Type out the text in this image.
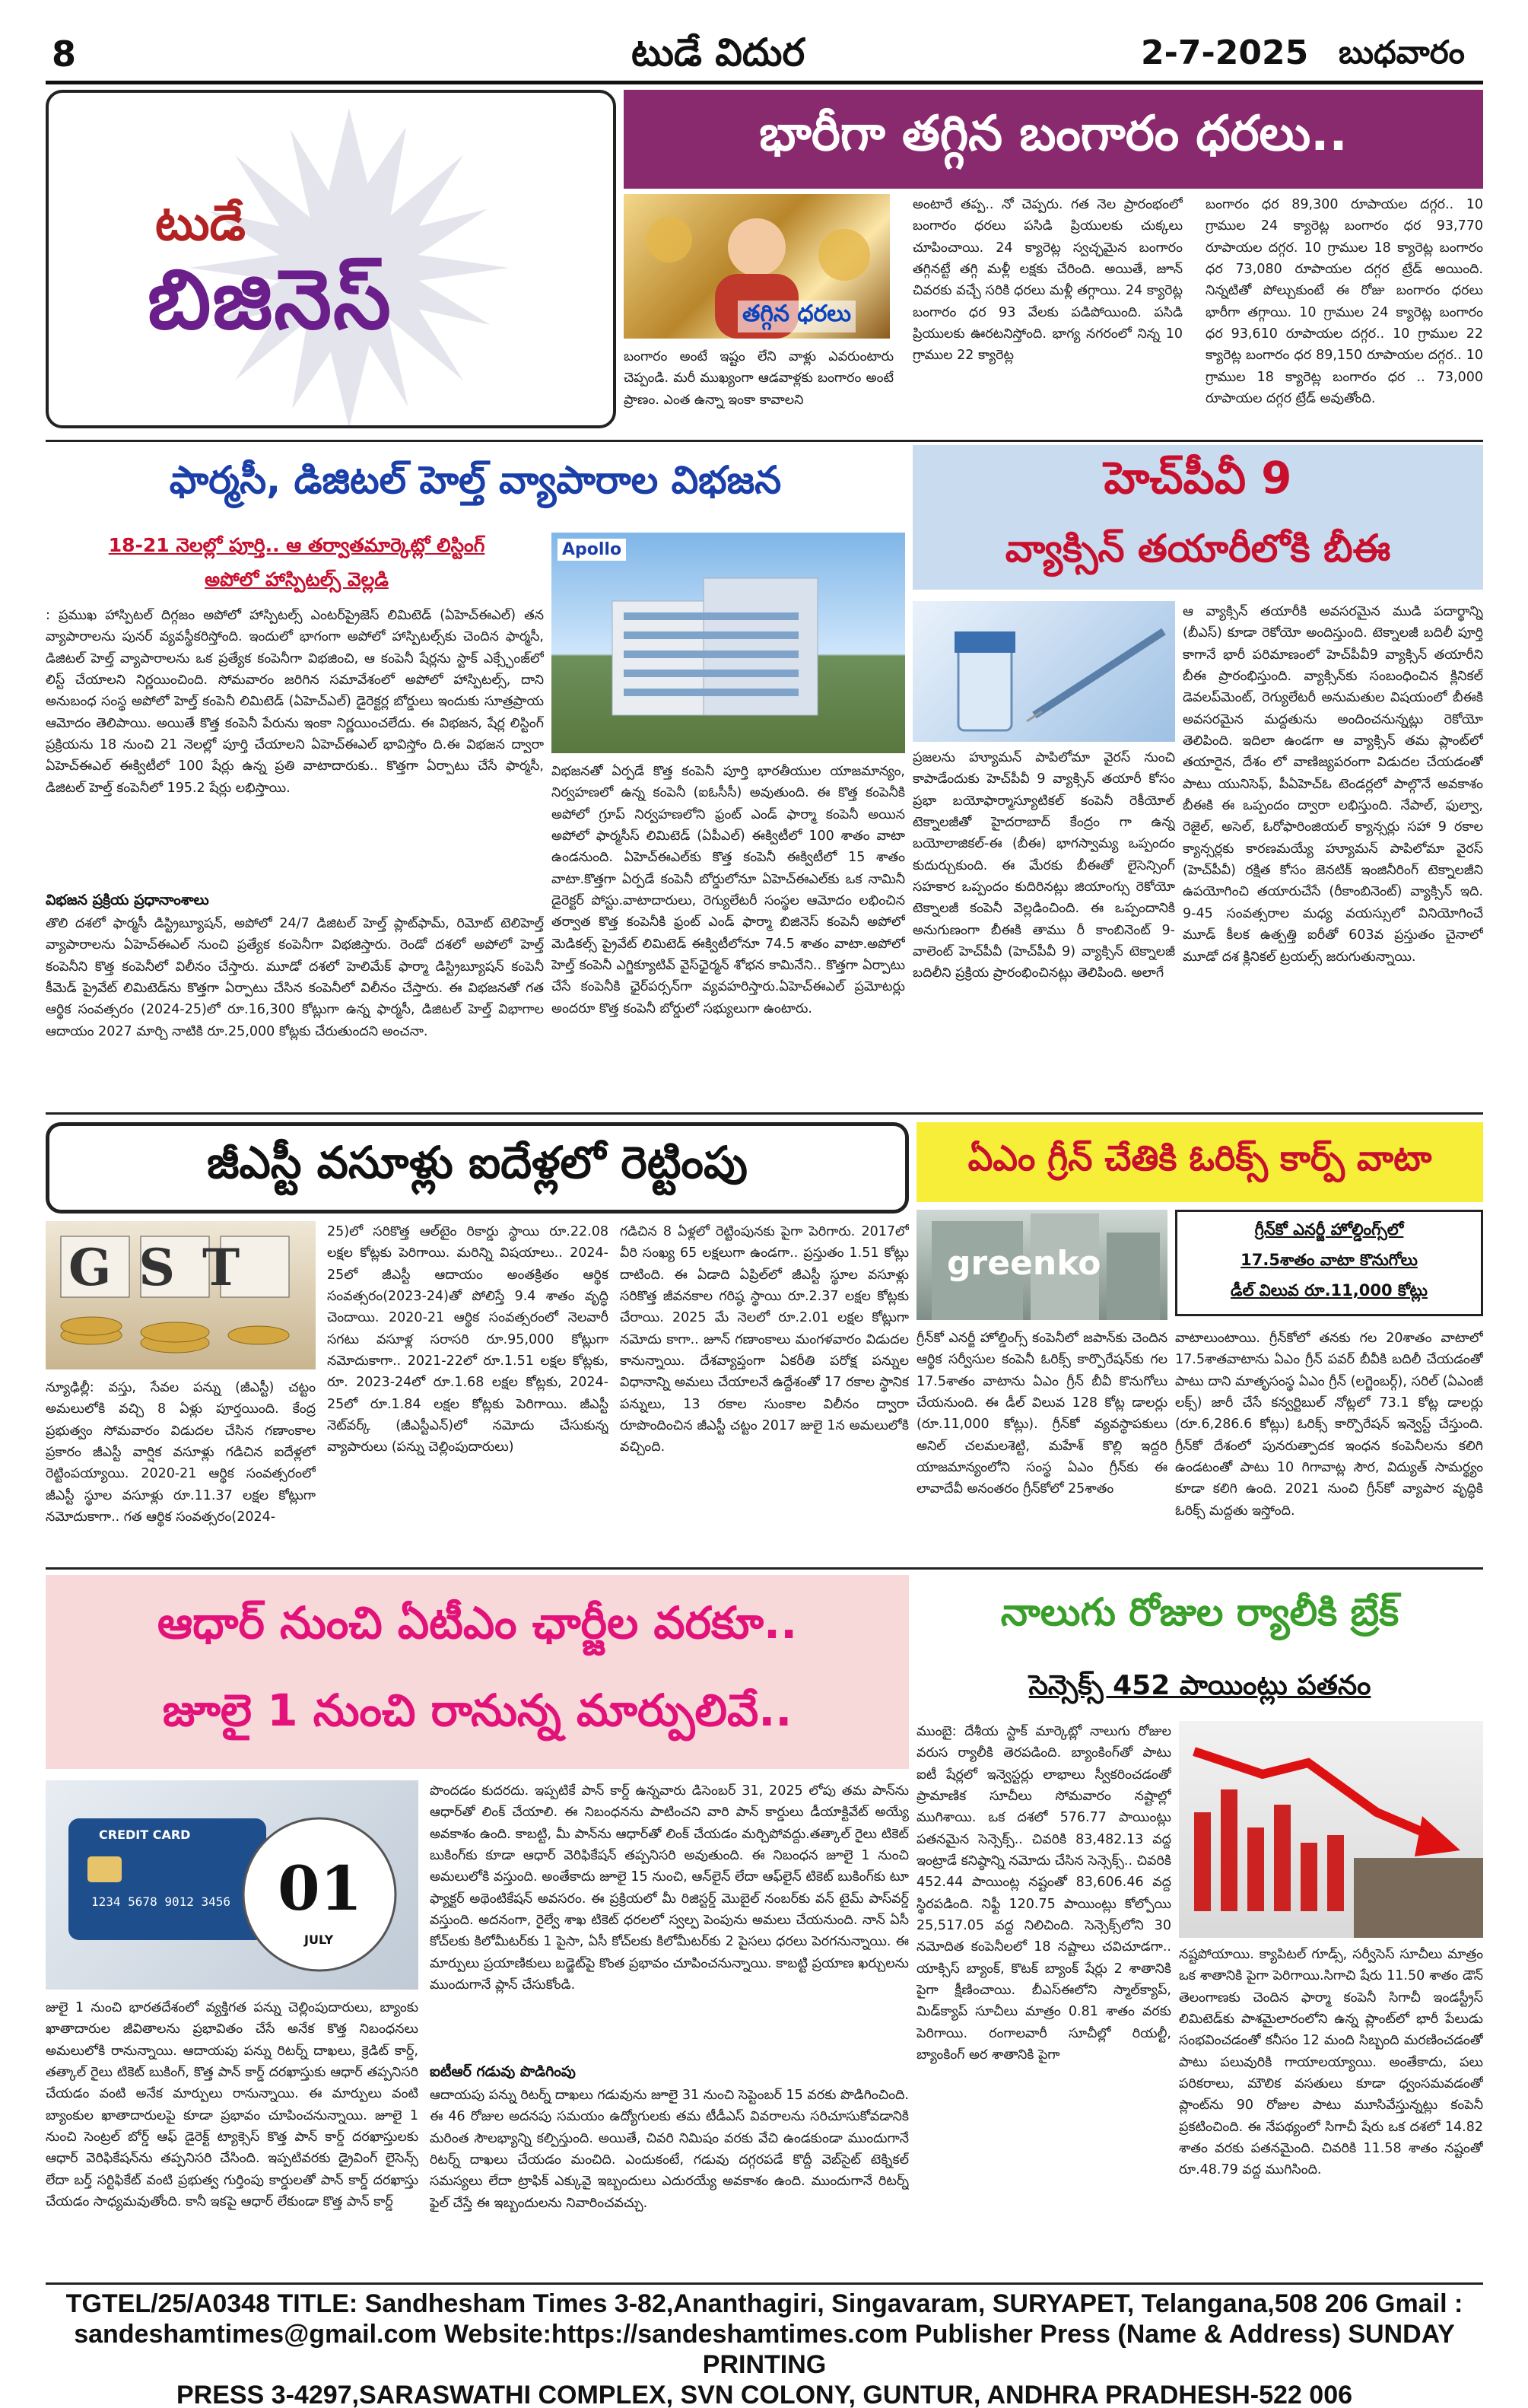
8	టుడే విదుర	2-7-2025 బుధవారం
టుడే
బిజినెస్
భారీగా తగ్గిన బంగారం ధరలు..
తగ్గిన ధరలు
బంగారం అంటే ఇష్టం లేని వాళ్లు ఎవరుంటారు చెప్పండి. మరీ ముఖ్యంగా ఆడవాళ్లకు బంగారం అంటే ప్రాణం. ఎంత ఉన్నా ఇంకా కావాలని
అంటారే తప్ప.. నో చెప్పరు. గత నెల ప్రారంభంలో బంగారం ధరలు పసిడి ప్రియులకు చుక్కలు చూపించాయి. 24 క్యారెట్ల స్వచ్ఛమైన బంగారం తగ్గినట్టే తగ్గి మళ్లీ లక్షకు చేరింది. అయితే, జూన్ చివరకు వచ్చే సరికి ధరలు మళ్లీ తగ్గాయి. 24 క్యారెట్ల బంగారం ధర 93 వేలకు పడిపోయింది. పసిడి ప్రియులకు ఊరటనిస్తోంది. భాగ్య నగరంలో నిన్న 10 గ్రాముల 22 క్యారెట్ల
బంగారం ధర 89,300 రూపాయల దగ్గర.. 10 గ్రాముల 24 క్యారెట్ల బంగారం ధర 93,770 రూపాయల దగ్గర. 10 గ్రాముల 18 క్యారెట్ల బంగారం ధర 73,080 రూపాయల దగ్గర ట్రేడ్ అయింది. నిన్నటితో పోల్చుకుంటే ఈ రోజు బంగారం ధరలు భారీగా తగ్గాయి. 10 గ్రాముల 24 క్యారెట్ల బంగారం ధర 93,610 రూపాయల దగ్గర.. 10 గ్రాముల 22 క్యారెట్ల బంగారం ధర 89,150 రూపాయల దగ్గర.. 10 గ్రాముల 18 క్యారెట్ల బంగారం ధర .. 73,000 రూపాయల దగ్గర ట్రేడ్ అవుతోంది.
ఫార్మసీ, డిజిటల్ హెల్త్ వ్యాపారాల విభజన
18-21 నెలల్లో పూర్తి.. ఆ తర్వాతమార్కెట్లో లిస్టింగ్
అపోలో హాస్పిటల్స్ వెల్లడి
Apollo
: ప్రముఖ హాస్పిటల్ దిగ్గజం అపోలో హాస్పిటల్స్ ఎంటర్‌ప్రైజెస్ లిమిటెడ్ (ఏహెచ్ఈఎల్) తన వ్యాపారాలను పునర్ వ్యవస్థీకరిస్తోంది. ఇందులో భాగంగా అపోలో హాస్పిటల్స్‌కు చెందిన ఫార్మసీ, డిజిటల్ హెల్త్ వ్యాపారాలను ఒక ప్రత్యేక కంపెనీగా విభజించి, ఆ కంపెనీ షేర్లను స్టాక్ ఎక్స్ఛేంజ్‌లో లిస్ట్ చేయాలని నిర్ణయించింది. సోమవారం జరిగిన సమావేశంలో అపోలో హాస్పిటల్స్, దాని అనుబంధ సంస్థ అపోలో హెల్త్ కంపెనీ లిమిటెడ్ (ఏహెచ్ఎల్) డైరెక్టర్ల బోర్డులు ఇందుకు సూత్రప్రాయ ఆమోదం తెలిపాయి. అయితే కొత్త కంపెనీ పేరును ఇంకా నిర్ణయించలేదు. ఈ విభజన, షేర్ల లిస్టింగ్ ప్రక్రియను 18 నుంచి 21 నెలల్లో పూర్తి చేయాలని ఏహెచ్ఈఎల్ భావిస్తోం ది.ఈ విభజన ద్వారా ఏహెచ్ఈఎల్ ఈక్విటీలో 100 షేర్లు ఉన్న ప్రతి వాటాదారుకు.. కొత్తగా ఏర్పాటు చేసే ఫార్మసీ, డిజిటల్ హెల్త్ కంపెనీలో 195.2 షేర్లు లభిస్తాయి.
విభజన ప్రక్రియ ప్రధానాంశాలు
తొలి దశలో ఫార్మసీ డిస్ట్రిబ్యూషన్, అపోలో 24/7 డిజిటల్ హెల్త్ ప్లాట్‌ఫామ్, రిమోట్ టెలిహెల్త్ వ్యాపారాలను ఏహెచ్ఈఎల్ నుంచి ప్రత్యేక కంపెనీగా విభజిస్తారు. రెండో దశలో అపోలో హెల్త్ కంపెనీని కొత్త కంపెనీలో విలీనం చేస్తారు. మూడో దశలో హెలిమేక్ ఫార్మా డిస్ట్రిబ్యూషన్ కంపెనీ కీమెడ్ ప్రైవేట్ లిమిటెడ్‌ను కొత్తగా ఏర్పాటు చేసిన కంపెనీలో విలీనం చేస్తారు. ఈ విభజనతో గత ఆర్థిక సంవత్సరం (2024-25)లో రూ.16,300 కోట్లుగా ఉన్న ఫార్మసీ, డిజిటల్ హెల్త్ విభాగాల ఆదాయం 2027 మార్చి నాటికి రూ.25,000 కోట్లకు చేరుతుందని అంచనా.
విభజనతో ఏర్పడే కొత్త కంపెనీ పూర్తి భారతీయుల యాజమాన్యం, నిర్వహణలో ఉన్న కంపెనీ (ఐఓసీసీ) అవుతుంది. ఈ కొత్త కంపెనీకి అపోలో గ్రూప్ నిర్వహణలోని ఫ్రంట్ ఎండ్ ఫార్మా కంపెనీ అయిన అపోలో ఫార్మసీస్ లిమిటెడ్ (ఏపీఎల్) ఈక్విటీలో 100 శాతం వాటా ఉండనుంది. ఏహెచ్ఈఎల్‌కు కొత్త కంపెనీ ఈక్విటీలో 15 శాతం వాటా.కొత్తగా ఏర్పడే కంపెనీ బోర్డులోనూ ఏహెచ్ఈఎల్‌కు ఒక నామినీ డైరెక్టర్ పోస్టు.వాటాదారులు, రెగ్యులేటరీ సంస్థల ఆమోదం లభించిన తర్వాత కొత్త కంపెనీకి ఫ్రంట్ ఎండ్ ఫార్మా బిజినెస్ కంపెనీ అపోలో మెడికల్స్ ప్రైవేట్ లిమిటెడ్ ఈక్విటీలోనూ 74.5 శాతం వాటా.అపోలో హెల్త్ కంపెనీ ఎగ్జిక్యూటివ్ వైస్‌ఛైర్మన్ శోభన కామినేని.. కొత్తగా ఏర్పాటు చేసే కంపెనీకి ఛైర్‌పర్సన్‌గా వ్యవహరిస్తారు.ఏహెచ్ఈఎల్ ప్రమోటర్లు అందరూ కొత్త కంపెనీ బోర్డులో సభ్యులుగా ఉంటారు.
హెచ్‌పీవీ 9
వ్యాక్సిన్ తయారీలోకి బీఈ
ప్రజలను హ్యూమన్ పాపిలోమా వైరస్ నుంచి కాపాడేందుకు హెచ్‌పీవీ 9 వ్యాక్సిన్ తయారీ కోసం ప్రభా బయోఫార్మాస్యూటికల్ కంపెనీ రెకీయోల్‌ టెక్నాలజీతో హైదరాబాద్ కేంద్రం గా ఉన్న బయోలాజికల్-ఈ (బీఈ) భాగస్వామ్య ఒప్పందం కుదుర్చుకుంది. ఈ మేరకు బీఈతో లైసెన్సింగ్ సహకార ఒప్పందం కుదిరినట్లు జియాంగ్సు రెకోయో టెక్నాలజీ కంపెనీ వెల్లడించింది. ఈ ఒప్పందానికి అనుగుణంగా బీఈకి తాము రీ కాంబినెంట్ 9-వాలెంట్ హెచ్‌పీవీ (హెచ్‌పీవీ 9) వ్యాక్సిన్ టెక్నాలజీ బదిలీని ప్రక్రియ ప్రారంభించినట్లు తెలిపింది. అలాగే
ఆ వ్యాక్సిన్ తయారీకి అవసరమైన ముడి పదార్థాన్ని (బీఎస్) కూడా రెకోయో అందిస్తుంది. టెక్నాలజీ బదిలీ పూర్తి కాగానే భారీ పరిమాణంలో హెచ్‌పీవీ9 వ్యాక్సిన్ తయారీని బీఈ ప్రారంభిస్తుంది. వ్యాక్సిన్‌కు సంబంధించిన క్లినికల్ డెవలప్‌మెంట్, రెగ్యులేటరీ అనుమతుల విషయంలో బీఈకి అవసరమైన మద్దతును అందించనున్నట్లు రెకోయో తెలిపింది. ఇదిలా ఉండగా ఆ వ్యాక్సిన్ తమ ప్లాంట్‌లో తయారైన, దేశం లో వాణిజ్యపరంగా విడుదల చేయడంతో పాటు యునిసెఫ్, పీఏహెచ్ఓ టెండర్లలో పాల్గొనే అవకాశం బీఈకి ఈ ఒప్పందం ద్వారా లభిస్తుంది. నేపాల్, ఫుల్వా, రెజైల్, అసెల్, ఓరోఫారింజియల్ క్యాన్సర్లు సహా 9 రకాల క్యాన్సర్లకు కారణమయ్యే హ్యూమన్ పాపిలోమా వైరస్ (హెచ్‌పీవీ) రక్షిత కోసం జెనటిక్ ఇంజినీరింగ్ టెక్నాలజీని ఉపయోగించి తయారుచేసే (రీకాంబినెంట్) వ్యాక్సిన్ ఇది. 9-45 సంవత్సరాల మధ్య వయస్సులో వినియోగించే మూడ్ కీలక ఉత్పత్తి ఐరీతో 603వ ప్రస్తుతం చైనాలో మూడో దశ క్లినికల్ ట్రయల్స్ జరుగుతున్నాయి.
జీఎస్టీ వసూళ్లు ఐదేళ్లలో రెట్టింపు
GST
న్యూఢిల్లీ: వస్తు, సేవల పన్ను (జీఎస్టీ) చట్టం అమలులోకి వచ్చి 8 ఏళ్లు పూర్తయింది. కేంద్ర ప్రభుత్వం సోమవారం విడుదల చేసిన గణాంకాల ప్రకారం జీఎస్టీ వార్షిక వసూళ్లు గడిచిన ఐదేళ్లలో రెట్టింపయ్యాయి. 2020-21 ఆర్థిక సంవత్సరంలో జీఎస్టీ స్థూల వసూళ్లు రూ.11.37 లక్షల కోట్లుగా నమోదుకాగా.. గత ఆర్థిక సంవత్సరం(2024-
25)లో సరికొత్త ఆల్‌టైం రికార్డు స్థాయి రూ.22.08 లక్షల కోట్లకు పెరిగాయి. మరిన్ని విషయాలు.. 2024-25లో జీఎస్టీ ఆదాయం అంతక్రితం ఆర్థిక సంవత్సరం(2023-24)తో పోలిస్తే 9.4 శాతం వృద్ధి చెందాయి. 2020-21 ఆర్థిక సంవత్సరంలో నెలవారీ సగటు వసూళ్ల సరాసరి రూ.95,000 కోట్లుగా నమోదుకాగా.. 2021-22లో రూ.1.51 లక్షల కోట్లకు, రూ. 2023-24లో రూ.1.68 లక్షల కోట్లకు, 2024-25లో రూ.1.84 లక్షల కోట్లకు పెరిగాయి. జీఎస్టీ నెట్‌వర్క్ (జీఎస్టీఎన్)లో నమోదు చేసుకున్న వ్యాపారులు (పన్ను చెల్లింపుదారులు)
గడిచిన 8 ఏళ్లలో రెట్టింపునకు పైగా పెరిగారు. 2017లో వీరి సంఖ్య 65 లక్షలుగా ఉండగా.. ప్రస్తుతం 1.51 కోట్లు దాటింది. ఈ ఏడాది ఏప్రిల్‌లో జీఎస్టీ స్థూల వసూళ్లు సరికొత్త జీవనకాల గరిష్ఠ స్థాయి రూ.2.37 లక్షల కోట్లకు చేరాయి. 2025 మే నెలలో రూ.2.01 లక్షల కోట్లుగా నమోదు కాగా.. జూన్ గణాంకాలు మంగళవారం విడుదల కానున్నాయి. దేశవ్యాప్తంగా ఏకరీతి పరోక్ష పన్నుల విధానాన్ని అమలు చేయాలనే ఉద్దేశంతో 17 రకాల స్థానిక పన్నులు, 13 రకాల సుంకాల విలీనం ద్వారా రూపొందించిన జీఎస్టీ చట్టం 2017 జులై 1న అమలులోకి వచ్చింది.
ఏఎం గ్రీన్ చేతికి ఓరిక్స్ కార్ప్ వాటా
greenko
గ్రీన్‌కో ఎనర్జీ హోల్డింగ్స్‌లో
17.5శాతం వాటా కొనుగోలు
డీల్ విలువ రూ.11,000 కోట్లు
గ్రీన్‌కో ఎనర్జీ హోల్డింగ్స్ కంపెనీలో జపాన్‌కు చెందిన ఆర్థిక సర్వీసుల కంపెనీ ఓరిక్స్ కార్పొరేషన్‌కు గల 17.5శాతం వాటాను ఏఎం గ్రీన్ బీవీ కొనుగోలు చేయనుంది. ఈ డీల్ విలువ 128 కోట్ల డాలర్లు (రూ.11,000 కోట్లు). గ్రీన్‌కో వ్యవస్థాపకులు అనిల్ చలమలశెట్టి, మహేశ్ కొల్లి ఇద్దరి యాజమాన్యంలోని సంస్థ ఏఎం గ్రీన్‌కు ఈ లావాదేవీ అనంతరం గ్రీన్‌కోలో 25శాతం
వాటాలుంటాయి. గ్రీన్‌కోలో తనకు గల 20శాతం వాటాలో 17.5శాతవాటాను ఏఎం గ్రీన్ పవర్ బీవీకి బదిలీ చేయడంతో పాటు దాని మాతృసంస్థ ఏఎం గ్రీన్ (లగ్జెంబర్గ్), సరిల్ (ఏఎంజీ లక్స్) జారీ చేసే కన్వర్టిబుల్ నోట్లలో 73.1 కోట్ల డాలర్లు (రూ.6,286.6 కోట్లు) ఓరిక్స్ కార్పొరేషన్ ఇన్వెస్ట్ చేస్తుంది. గ్రీన్‌కో దేశంలో పునరుత్పాదక ఇంధన కంపెనీలను కలిగి ఉండటంతో పాటు 10 గిగావాట్ల సౌర, విద్యుత్ సామర్థ్యం కూడా కలిగి ఉంది. 2021 నుంచి గ్రీన్‌కో వ్యాపార వృద్ధికి ఓరిక్స్ మద్దతు ఇస్తోంది.
ఆధార్ నుంచి ఏటీఎం ఛార్జీల వరకూ..
జూలై 1 నుంచి రానున్న మార్పులివే..
CREDIT CARD
1234 5678 9012 3456 01
JULY
పొందడం కుదరదు. ఇప్పటికే పాన్ కార్డ్ ఉన్నవారు డిసెంబర్ 31, 2025 లోపు తమ పాన్‌ను ఆధార్‌తో లింక్ చేయాలి. ఈ నిబంధనను పాటించని వారి పాన్ కార్డులు డీయాక్టివేట్ అయ్యే అవకాశం ఉంది. కాబట్టి, మీ పాన్‌ను ఆధార్‌తో లింక్ చేయడం మర్చిపోవద్దు.తత్కాల్ రైలు టికెట్ బుకింగ్‌కు కూడా ఆధార్ వెరిఫికేషన్ తప్పనిసరి అవుతుంది. ఈ నిబంధన జూలై 1 నుంచి అమలులోకి వస్తుంది. అంతేకాదు జూలై 15 నుంచి, ఆన్‌లైన్ లేదా ఆఫ్‌లైన్ టికెట్ బుకింగ్‌కు టూ ఫ్యాక్టర్ అథెంటికేషన్ అవసరం. ఈ ప్రక్రియలో మీ రిజిస్టర్డ్ మొబైల్ నంబర్‌కు వన్ టైమ్ పాస్‌వర్డ్ వస్తుంది. అదనంగా, రైల్వే శాఖ టికెట్ ధరలలో స్వల్ప పెంపును అమలు చేయనుంది. నాన్ ఏసీ కోచ్‌లకు కిలోమీటర్‌కు 1 పైసా, ఏసీ కోచ్‌లకు కిలోమీటర్‌కు 2 పైసలు ధరలు పెరగనున్నాయి. ఈ మార్పులు ప్రయాణికులు బడ్జెట్‌పై కొంత ప్రభావం చూపించనున్నాయి. కాబట్టి ప్రయాణ ఖర్చులను ముందుగానే ప్లాన్ చేసుకోండి.
ఐటీఆర్ గడువు పొడిగింపు
ఆదాయపు పన్ను రిటర్న్ దాఖలు గడువును జూలై 31 నుంచి సెప్టెంబర్ 15 వరకు పొడిగించింది. ఈ 46 రోజుల అదనపు సమయం ఉద్యోగులకు తమ టీడీఎస్ వివరాలను సరిచూసుకోవడానికి మరింత సౌలభ్యాన్ని కల్పిస్తుంది. అయితే, చివరి నిమిషం వరకు వేచి ఉండకుండా ముందుగానే రిటర్న్ దాఖలు చేయడం మంచిది. ఎందుకంటే, గడువు దగ్గరపడే కొద్దీ వెబ్‌సైట్ టెక్నికల్ సమస్యలు లేదా ట్రాఫిక్ ఎక్కువై ఇబ్బందులు ఎదురయ్యే అవకాశం ఉంది. ముందుగానే రిటర్న్ ఫైల్ చేస్తే ఈ ఇబ్బందులను నివారించవచ్చు.
జులై 1 నుంచి భారతదేశంలో వ్యక్తిగత పన్ను చెల్లింపుదారులు, బ్యాంకు ఖాతాదారుల జీవితాలను ప్రభావితం చేసే అనేక కొత్త నిబంధనలు అమలులోకి రానున్నాయి. ఆదాయపు పన్ను రిటర్న్ దాఖలు, క్రెడిట్ కార్డ్, తత్కాల్ రైలు టికెట్ బుకింగ్, కొత్త పాన్ కార్డ్ దరఖాస్తుకు ఆధార్ తప్పనిసరి చేయడం వంటి అనేక మార్పులు రానున్నాయి. ఈ మార్పులు వంటి బ్యాంకుల ఖాతాదారులపై కూడా ప్రభావం చూపించనున్నాయి. జూలై 1 నుంచి సెంట్రల్ బోర్డ్ ఆఫ్ డైరెక్ట్ ట్యాక్సెస్ కొత్త పాన్ కార్డ్ దరఖాస్తులకు ఆధార్ వెరిఫికేషన్‌ను తప్పనిసరి చేసింది. ఇప్పటివరకు డ్రైవింగ్ లైసెన్స్ లేదా బర్త్ సర్టిఫికేట్ వంటి ప్రభుత్వ గుర్తింపు కార్డులతో పాన్ కార్డ్ దరఖాస్తు చేయడం సాధ్యమవుతోంది. కానీ ఇకపై ఆధార్ లేకుండా కొత్త పాన్ కార్డ్
నాలుగు రోజుల ర్యాలీకి బ్రేక్
సెన్సెక్స్ 452 పాయింట్లు పతనం
ముంబై: దేశీయ స్టాక్ మార్కెట్లో నాలుగు రోజుల వరుస ర్యాలీకి తెరపడింది. బ్యాంకింగ్‌తో పాటు ఐటీ షేర్లలో ఇన్వెస్టర్లు లాభాలు స్వీకరించడంతో ప్రామాణిక సూచీలు సోమవారం నష్టాల్లో ముగిశాయి. ఒక దశలో 576.77 పాయింట్లు పతనమైన సెన్సెక్స్.. చివరికి 83,482.13 వద్ద ఇంట్రాడే కనిష్ఠాన్ని నమోదు చేసిన సెన్సెక్స్.. చివరికి 452.44 పాయింట్ల నష్టంతో 83,606.46 వద్ద స్థిరపడింది. నిఫ్టీ 120.75 పాయింట్లు కోల్పోయి 25,517.05 వద్ద నిలిచింది. సెన్సెక్స్‌లోని 30 నమోదిత కంపెనీలలో 18 నష్టాలు చవిచూడగా.. యాక్సిస్ బ్యాంక్, కొటక్ బ్యాంక్ షేర్లు 2 శాతానికి పైగా క్షీణించాయి. బీఎస్ఈలోని స్మాల్‌క్యాప్, మిడ్‌క్యాప్ సూచీలు మాత్రం 0.81 శాతం వరకు పెరిగాయి. రంగాలవారీ సూచీల్లో రియల్టీ, బ్యాంకింగ్ అర శాతానికి పైగా
నష్టపోయాయి. క్యాపిటల్ గూడ్స్, సర్వీసెస్ సూచీలు మాత్రం ఒక శాతానికి పైగా పెరిగాయి.సిగాచి షేరు 11.50 శాతం డౌన్ తెలంగాణకు చెందిన ఫార్మా కంపెనీ సిగాచీ ఇండస్ట్రీస్ లిమిటెడ్‌కు పాశమైలారంలోని ఉన్న ప్లాంట్‌లో భారీ పేలుడు సంభవించడంతో కనీసం 12 మంది సిబ్బంది మరణించడంతో పాటు పలువురికి గాయాలయ్యాయి. అంతేకాదు, పలు పరికరాలు, మౌలిక వసతులు కూడా ధ్వంసమవడంతో ప్లాంట్‌ను 90 రోజుల పాటు మూసివేస్తున్నట్లు కంపెనీ ప్రకటించింది. ఈ నేపథ్యంలో సిగాచీ షేరు ఒక దశలో 14.82 శాతం వరకు పతనమైంది. చివరికి 11.58 శాతం నష్టంతో రూ.48.79 వద్ద ముగిసింది.
TGTEL/25/A0348 TITLE: Sandhesham Times 3-82,Ananthagiri, Singavaram, SURYAPET, Telangana,508 206 Gmail :
sandeshamtimes@gmail.com Website:https://sandeshamtimes.com Publisher Press (Name & Address) SUNDAY PRINTING
PRESS 3-4297,SARASWATHI COMPLEX, SVN COLONY, GUNTUR, ANDHRA PRADHESH-522 006
